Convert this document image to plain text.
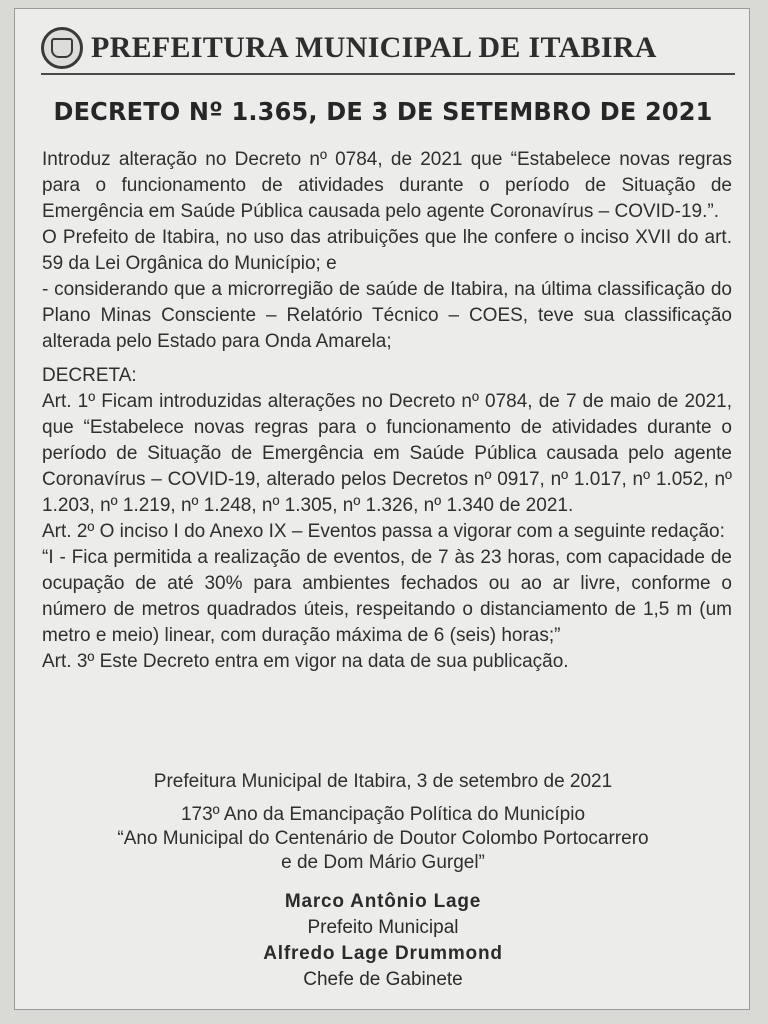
PREFEITURA MUNICIPAL DE ITABIRA
DECRETO Nº 1.365, DE 3 DE SETEMBRO DE 2021

Introduz alteração no Decreto nº 0784, de 2021 que “Estabelece novas regras para o funcionamento de atividades durante o período de Situação de Emergência em Saúde Pública causada pelo agente Coronavírus – COVID-19.”.

O Prefeito de Itabira, no uso das atribuições que lhe confere o inciso XVII do art. 59 da Lei Orgânica do Município; e

- considerando que a microrregião de saúde de Itabira, na última classificação do Plano Minas Consciente – Relatório Técnico – COES, teve sua classificação alterada pelo Estado para Onda Amarela;

DECRETA:

Art. 1º Ficam introduzidas alterações no Decreto nº 0784, de 7 de maio de 2021, que “Estabelece novas regras para o funcionamento de atividades durante o período de Situação de Emergência em Saúde Pública causada pelo agente Coronavírus – COVID-19, alterado pelos Decretos nº 0917, nº 1.017, nº 1.052, nº 1.203, nº 1.219, nº 1.248, nº 1.305, nº 1.326, nº 1.340 de 2021.

Art. 2º O inciso I do Anexo IX – Eventos passa a vigorar com a seguinte redação:

“I - Fica permitida a realização de eventos, de 7 às 23 horas, com capacidade de ocupação de até 30% para ambientes fechados ou ao ar livre, conforme o número de metros quadrados úteis, respeitando o distanciamento de 1,5 m (um metro e meio) linear, com duração máxima de 6 (seis) horas;”

Art. 3º Este Decreto entra em vigor na data de sua publicação.

Prefeitura Municipal de Itabira, 3 de setembro de 2021
173º Ano da Emancipação Política do Município
“Ano Municipal do Centenário de Doutor Colombo Portocarrero
e de Dom Mário Gurgel”
Marco Antônio Lage
Prefeito Municipal
Alfredo Lage Drummond
Chefe de Gabinete
